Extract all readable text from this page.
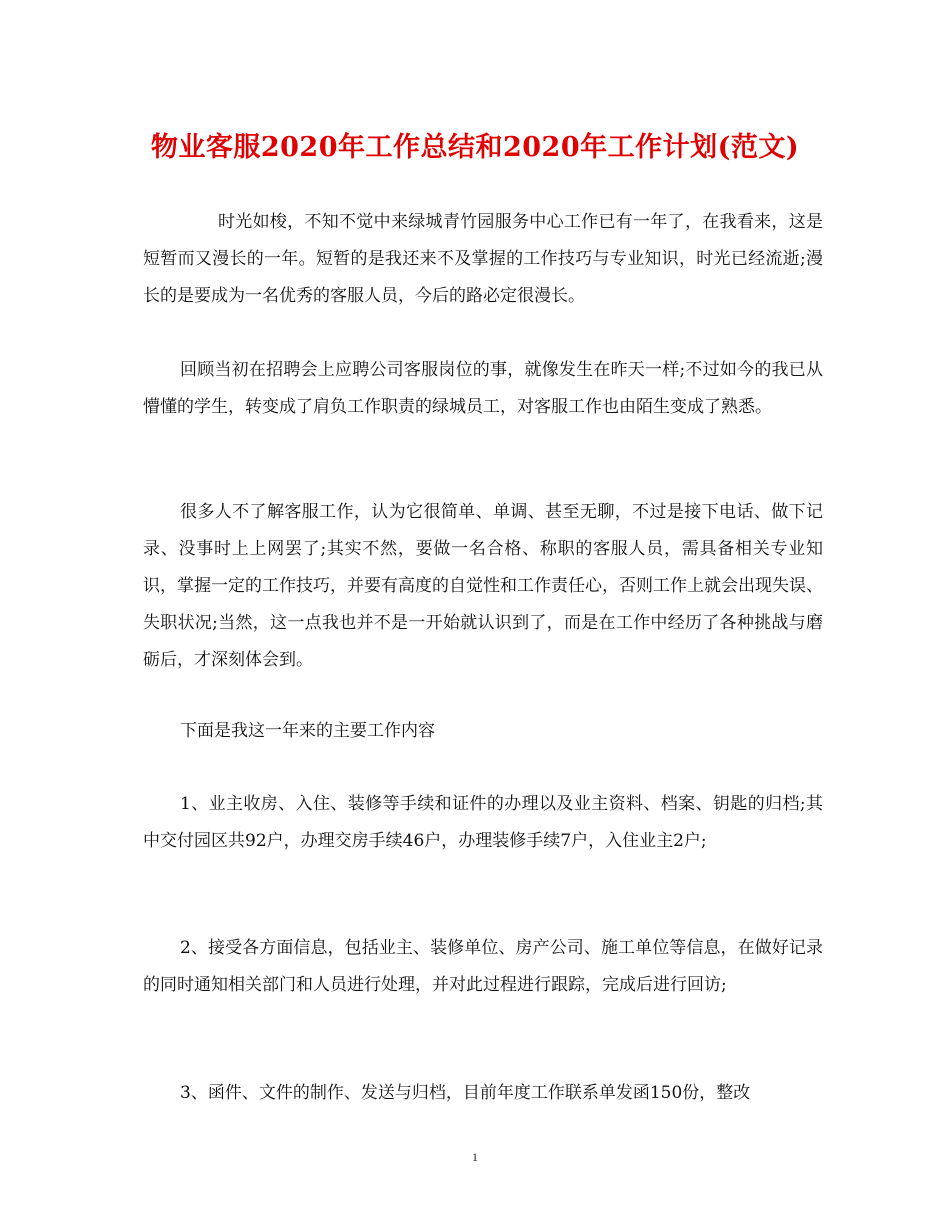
物业客服2020年工作总结和2020年工作计划(范文)

时光如梭，不知不觉中来绿城青竹园服务中心工作已有一年了，在我看来，这是短暂而又漫长的一年。短暂的是我还来不及掌握的工作技巧与专业知识，时光已经流逝;漫长的是要成为一名优秀的客服人员，今后的路必定很漫长。

回顾当初在招聘会上应聘公司客服岗位的事，就像发生在昨天一样;不过如今的我已从懵懂的学生，转变成了肩负工作职责的绿城员工，对客服工作也由陌生变成了熟悉。

很多人不了解客服工作，认为它很简单、单调、甚至无聊，不过是接下电话、做下记录、没事时上上网罢了;其实不然，要做一名合格、称职的客服人员，需具备相关专业知识，掌握一定的工作技巧，并要有高度的自觉性和工作责任心，否则工作上就会出现失误、失职状况;当然，这一点我也并不是一开始就认识到了，而是在工作中经历了各种挑战与磨砺后，才深刻体会到。

下面是我这一年来的主要工作内容

1、业主收房、入住、装修等手续和证件的办理以及业主资料、档案、钥匙的归档;其中交付园区共92户，办理交房手续46户，办理装修手续7户，入住业主2户;

2、接受各方面信息，包括业主、装修单位、房产公司、施工单位等信息，在做好记录的同时通知相关部门和人员进行处理，并对此过程进行跟踪，完成后进行回访;

3、函件、文件的制作、发送与归档，目前年度工作联系单发函150份，整改

1
